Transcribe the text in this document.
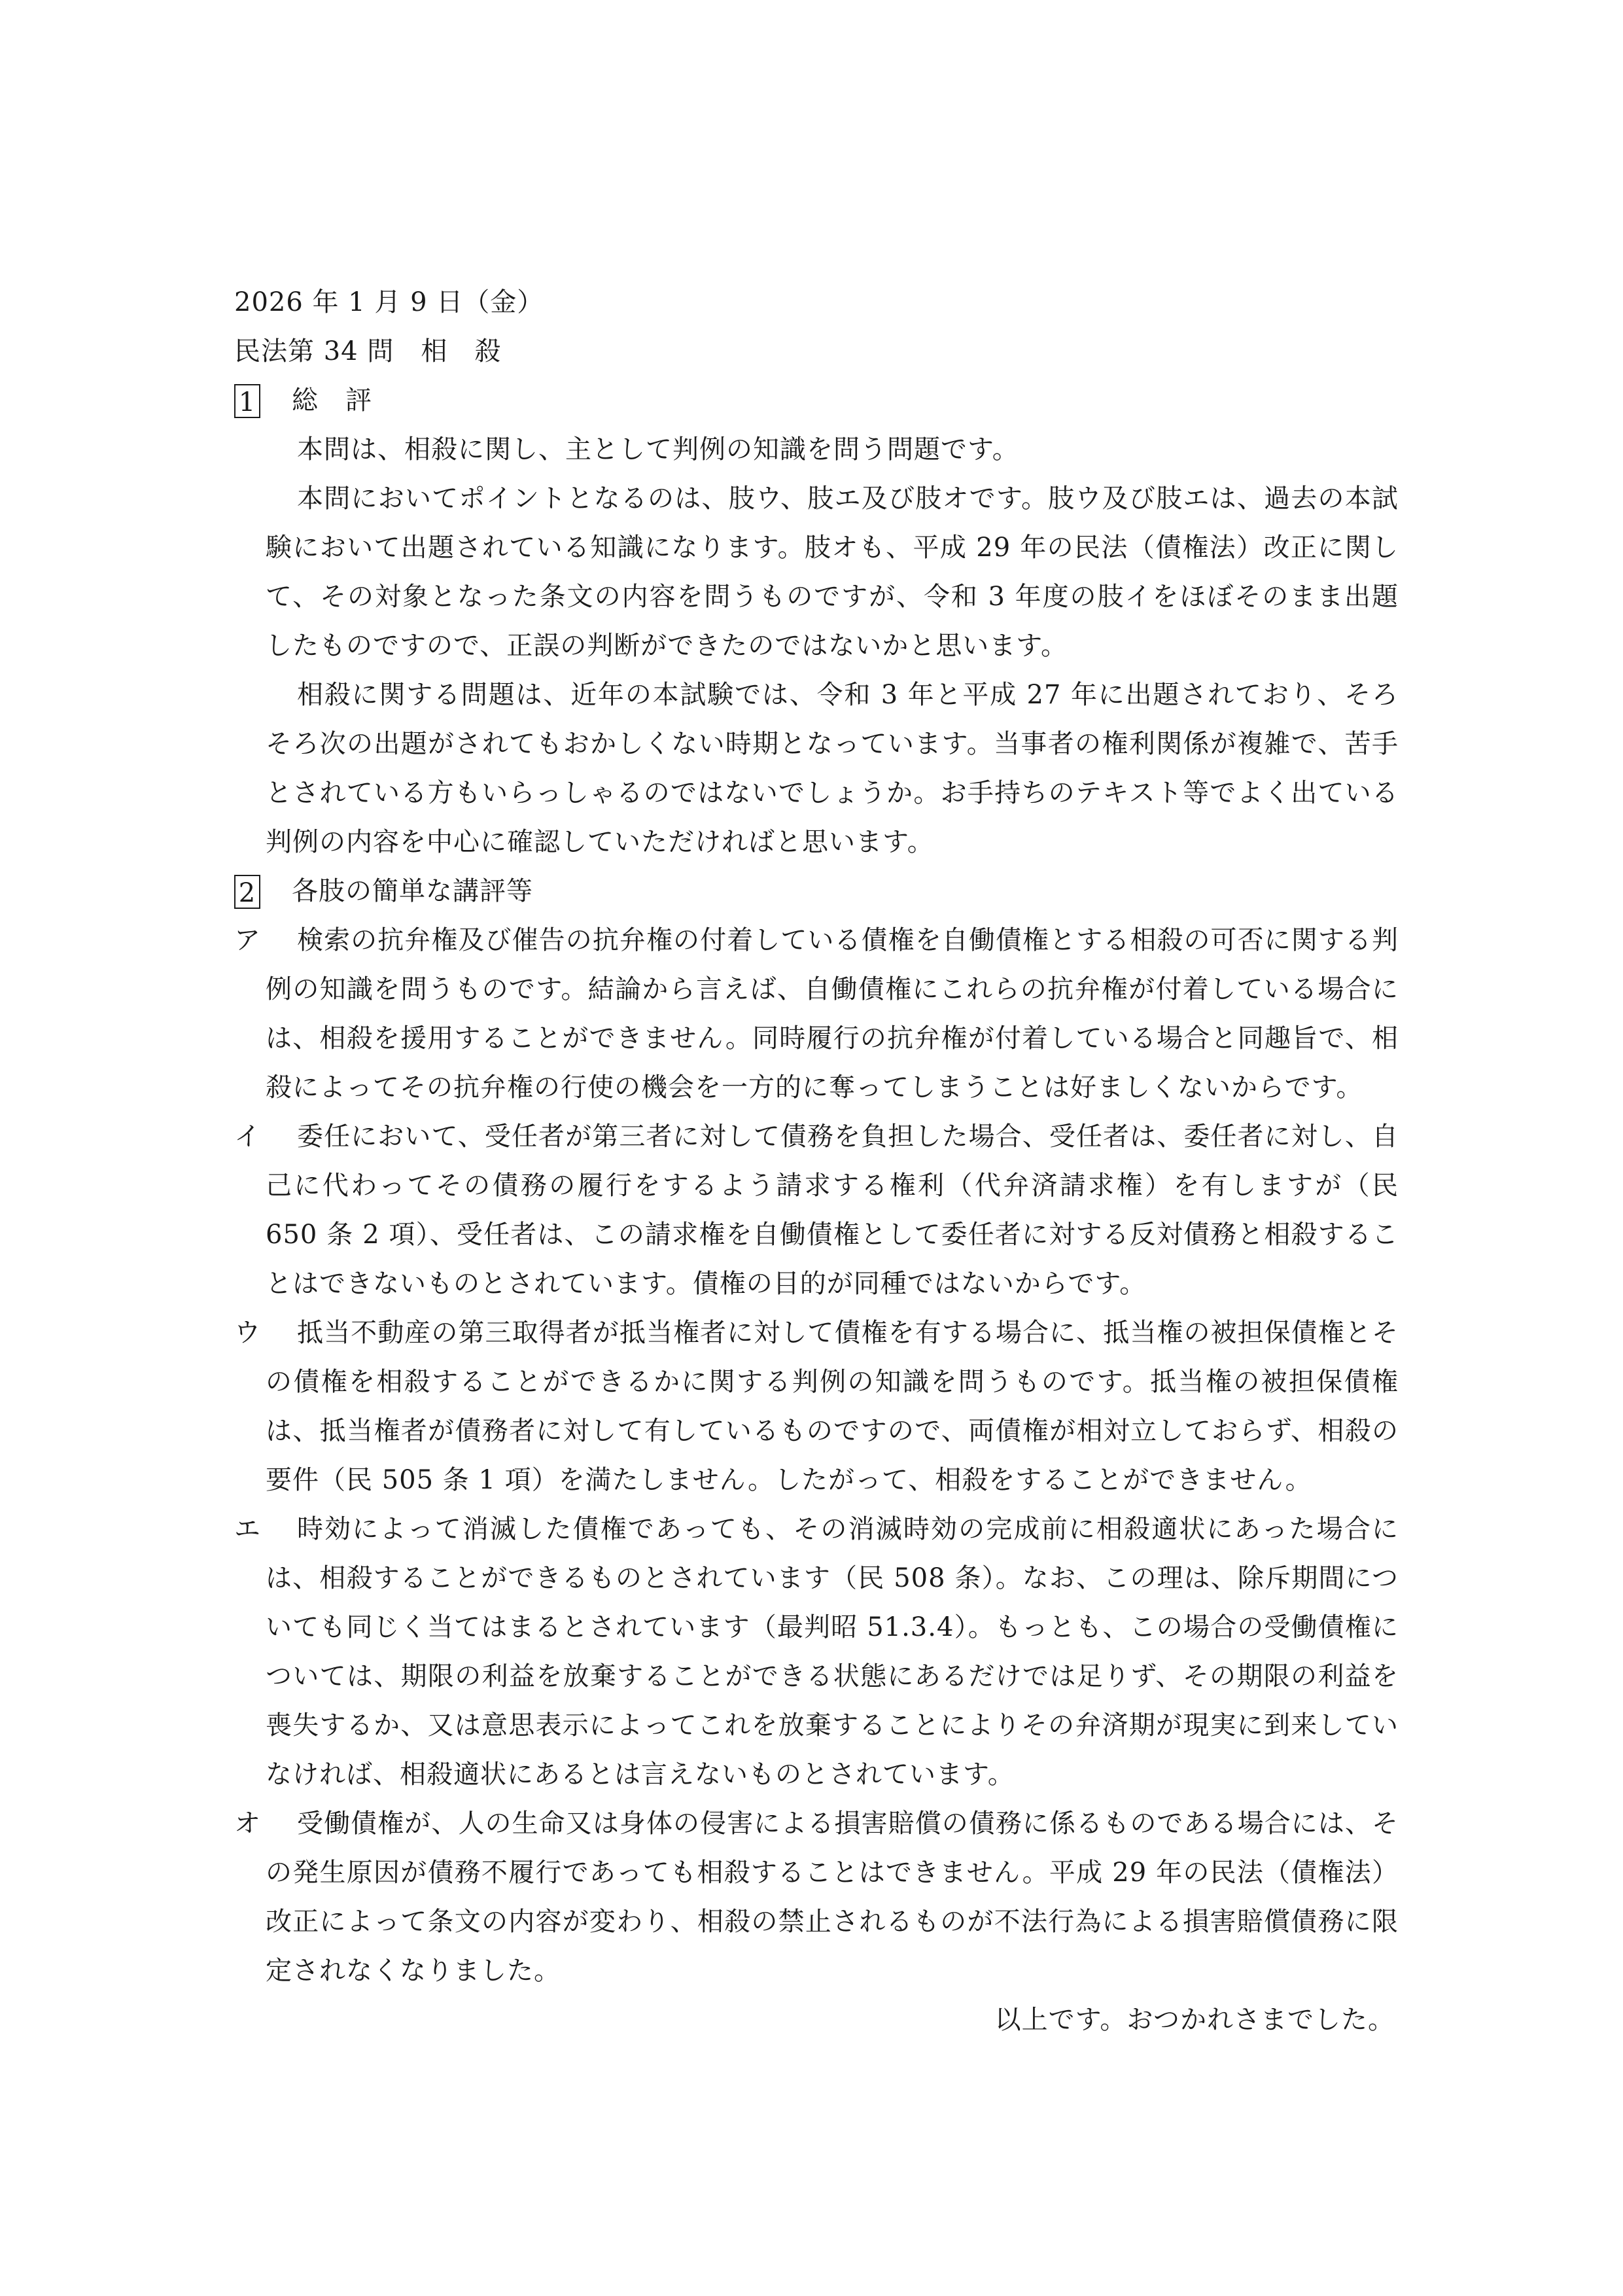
2026 年 1 月 9 日（金）
民法第 34 問　相　殺
1 総　評
本問は、相殺に関し、主として判例の知識を問う問題です。
本問においてポイントとなるのは、肢ウ、肢エ及び肢オです。肢ウ及び肢エは、過去の本試験において出題されている知識になります。肢オも、平成 29 年の民法（債権法）改正に関して、その対象となった条文の内容を問うものですが、令和 3 年度の肢イをほぼそのまま出題したものですので、正誤の判断ができたのではないかと思います。
相殺に関する問題は、近年の本試験では、令和 3 年と平成 27 年に出題されており、そろそろ次の出題がされてもおかしくない時期となっています。当事者の権利関係が複雑で、苦手とされている方もいらっしゃるのではないでしょうか。お手持ちのテキスト等でよく出ている判例の内容を中心に確認していただければと思います。
2 各肢の簡単な講評等
ア	検索の抗弁権及び催告の抗弁権の付着している債権を自働債権とする相殺の可否に関する判例の知識を問うものです。結論から言えば、自働債権にこれらの抗弁権が付着している場合には、相殺を援用することができません。同時履行の抗弁権が付着している場合と同趣旨で、相殺によってその抗弁権の行使の機会を一方的に奪ってしまうことは好ましくないからです。
イ	委任において、受任者が第三者に対して債務を負担した場合、受任者は、委任者に対し、自己に代わってその債務の履行をするよう請求する権利（代弁済請求権）を有しますが（民 650 条 2 項）、受任者は、この請求権を自働債権として委任者に対する反対債務と相殺することはできないものとされています。債権の目的が同種ではないからです。
ウ	抵当不動産の第三取得者が抵当権者に対して債権を有する場合に、抵当権の被担保債権とその債権を相殺することができるかに関する判例の知識を問うものです。抵当権の被担保債権は、抵当権者が債務者に対して有しているものですので、両債権が相対立しておらず、相殺の要件（民 505 条 1 項）を満たしません。したがって、相殺をすることができません。
エ	時効によって消滅した債権であっても、その消滅時効の完成前に相殺適状にあった場合には、相殺することができるものとされています（民 508 条）。なお、この理は、除斥期間についても同じく当てはまるとされています（最判昭 51.3.4）。もっとも、この場合の受働債権については、期限の利益を放棄することができる状態にあるだけでは足りず、その期限の利益を喪失するか、又は意思表示によってこれを放棄することによりその弁済期が現実に到来していなければ、相殺適状にあるとは言えないものとされています。
オ	受働債権が、人の生命又は身体の侵害による損害賠償の債務に係るものである場合には、その発生原因が債務不履行であっても相殺することはできません。平成 29 年の民法（債権法）改正によって条文の内容が変わり、相殺の禁止されるものが不法行為による損害賠償債務に限定されなくなりました。
以上です。おつかれさまでした。
